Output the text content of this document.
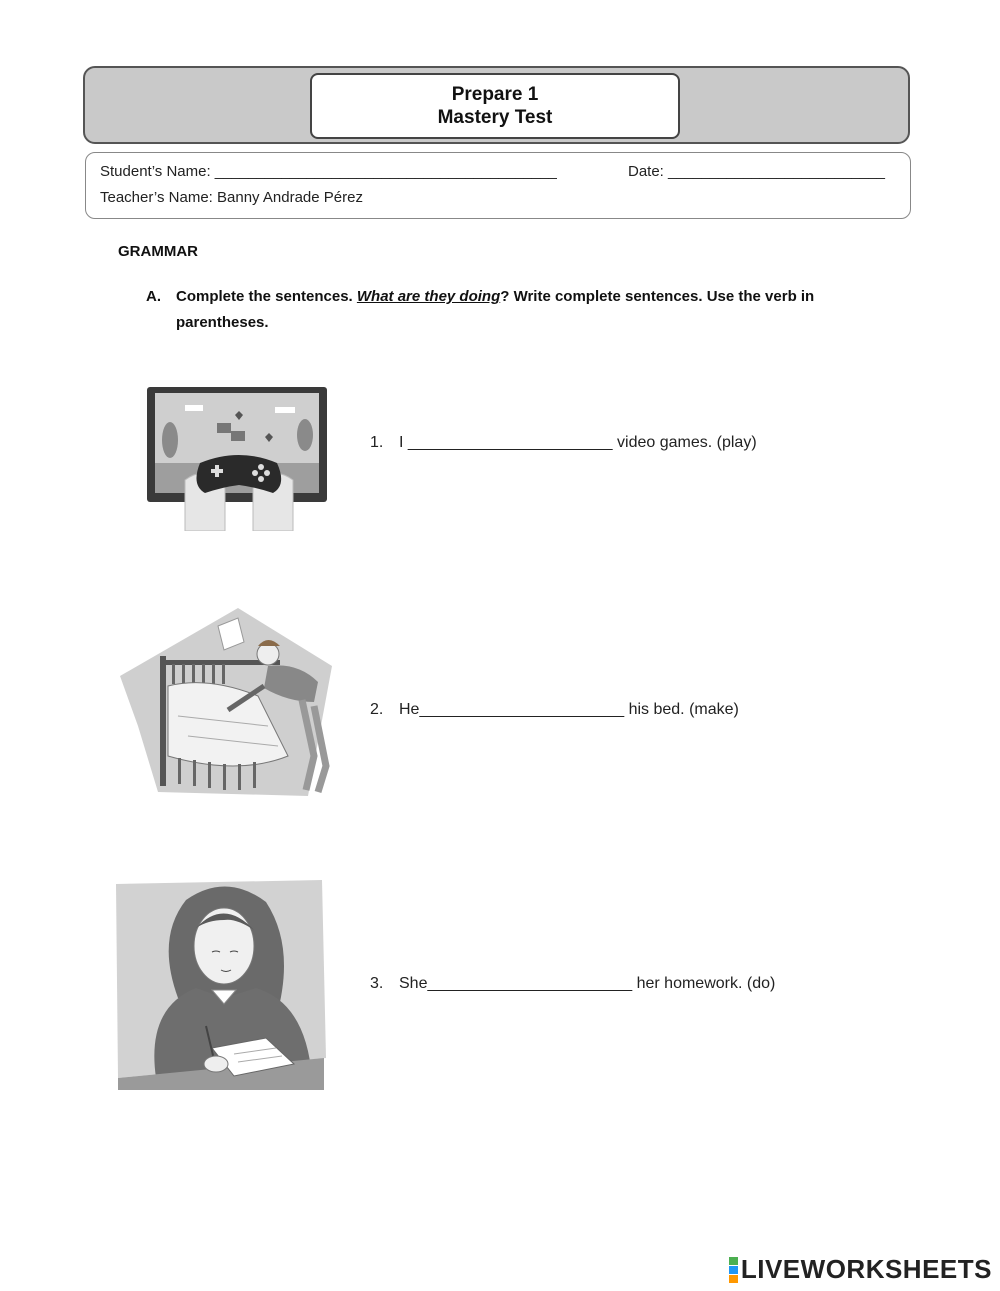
Prepare 1
Mastery Test
Student’s Name: _________________________________________	Date: __________________________
Teacher’s Name: Banny Andrade Pérez
GRAMMAR
A. Complete the sentences. What are they doing? Write complete sentences. Use the verb in parentheses.
1. I _______________________ video games. (play)
2. He_______________________ his bed. (make)
3. She_______________________ her homework. (do)
LIVEWORKSHEETS
